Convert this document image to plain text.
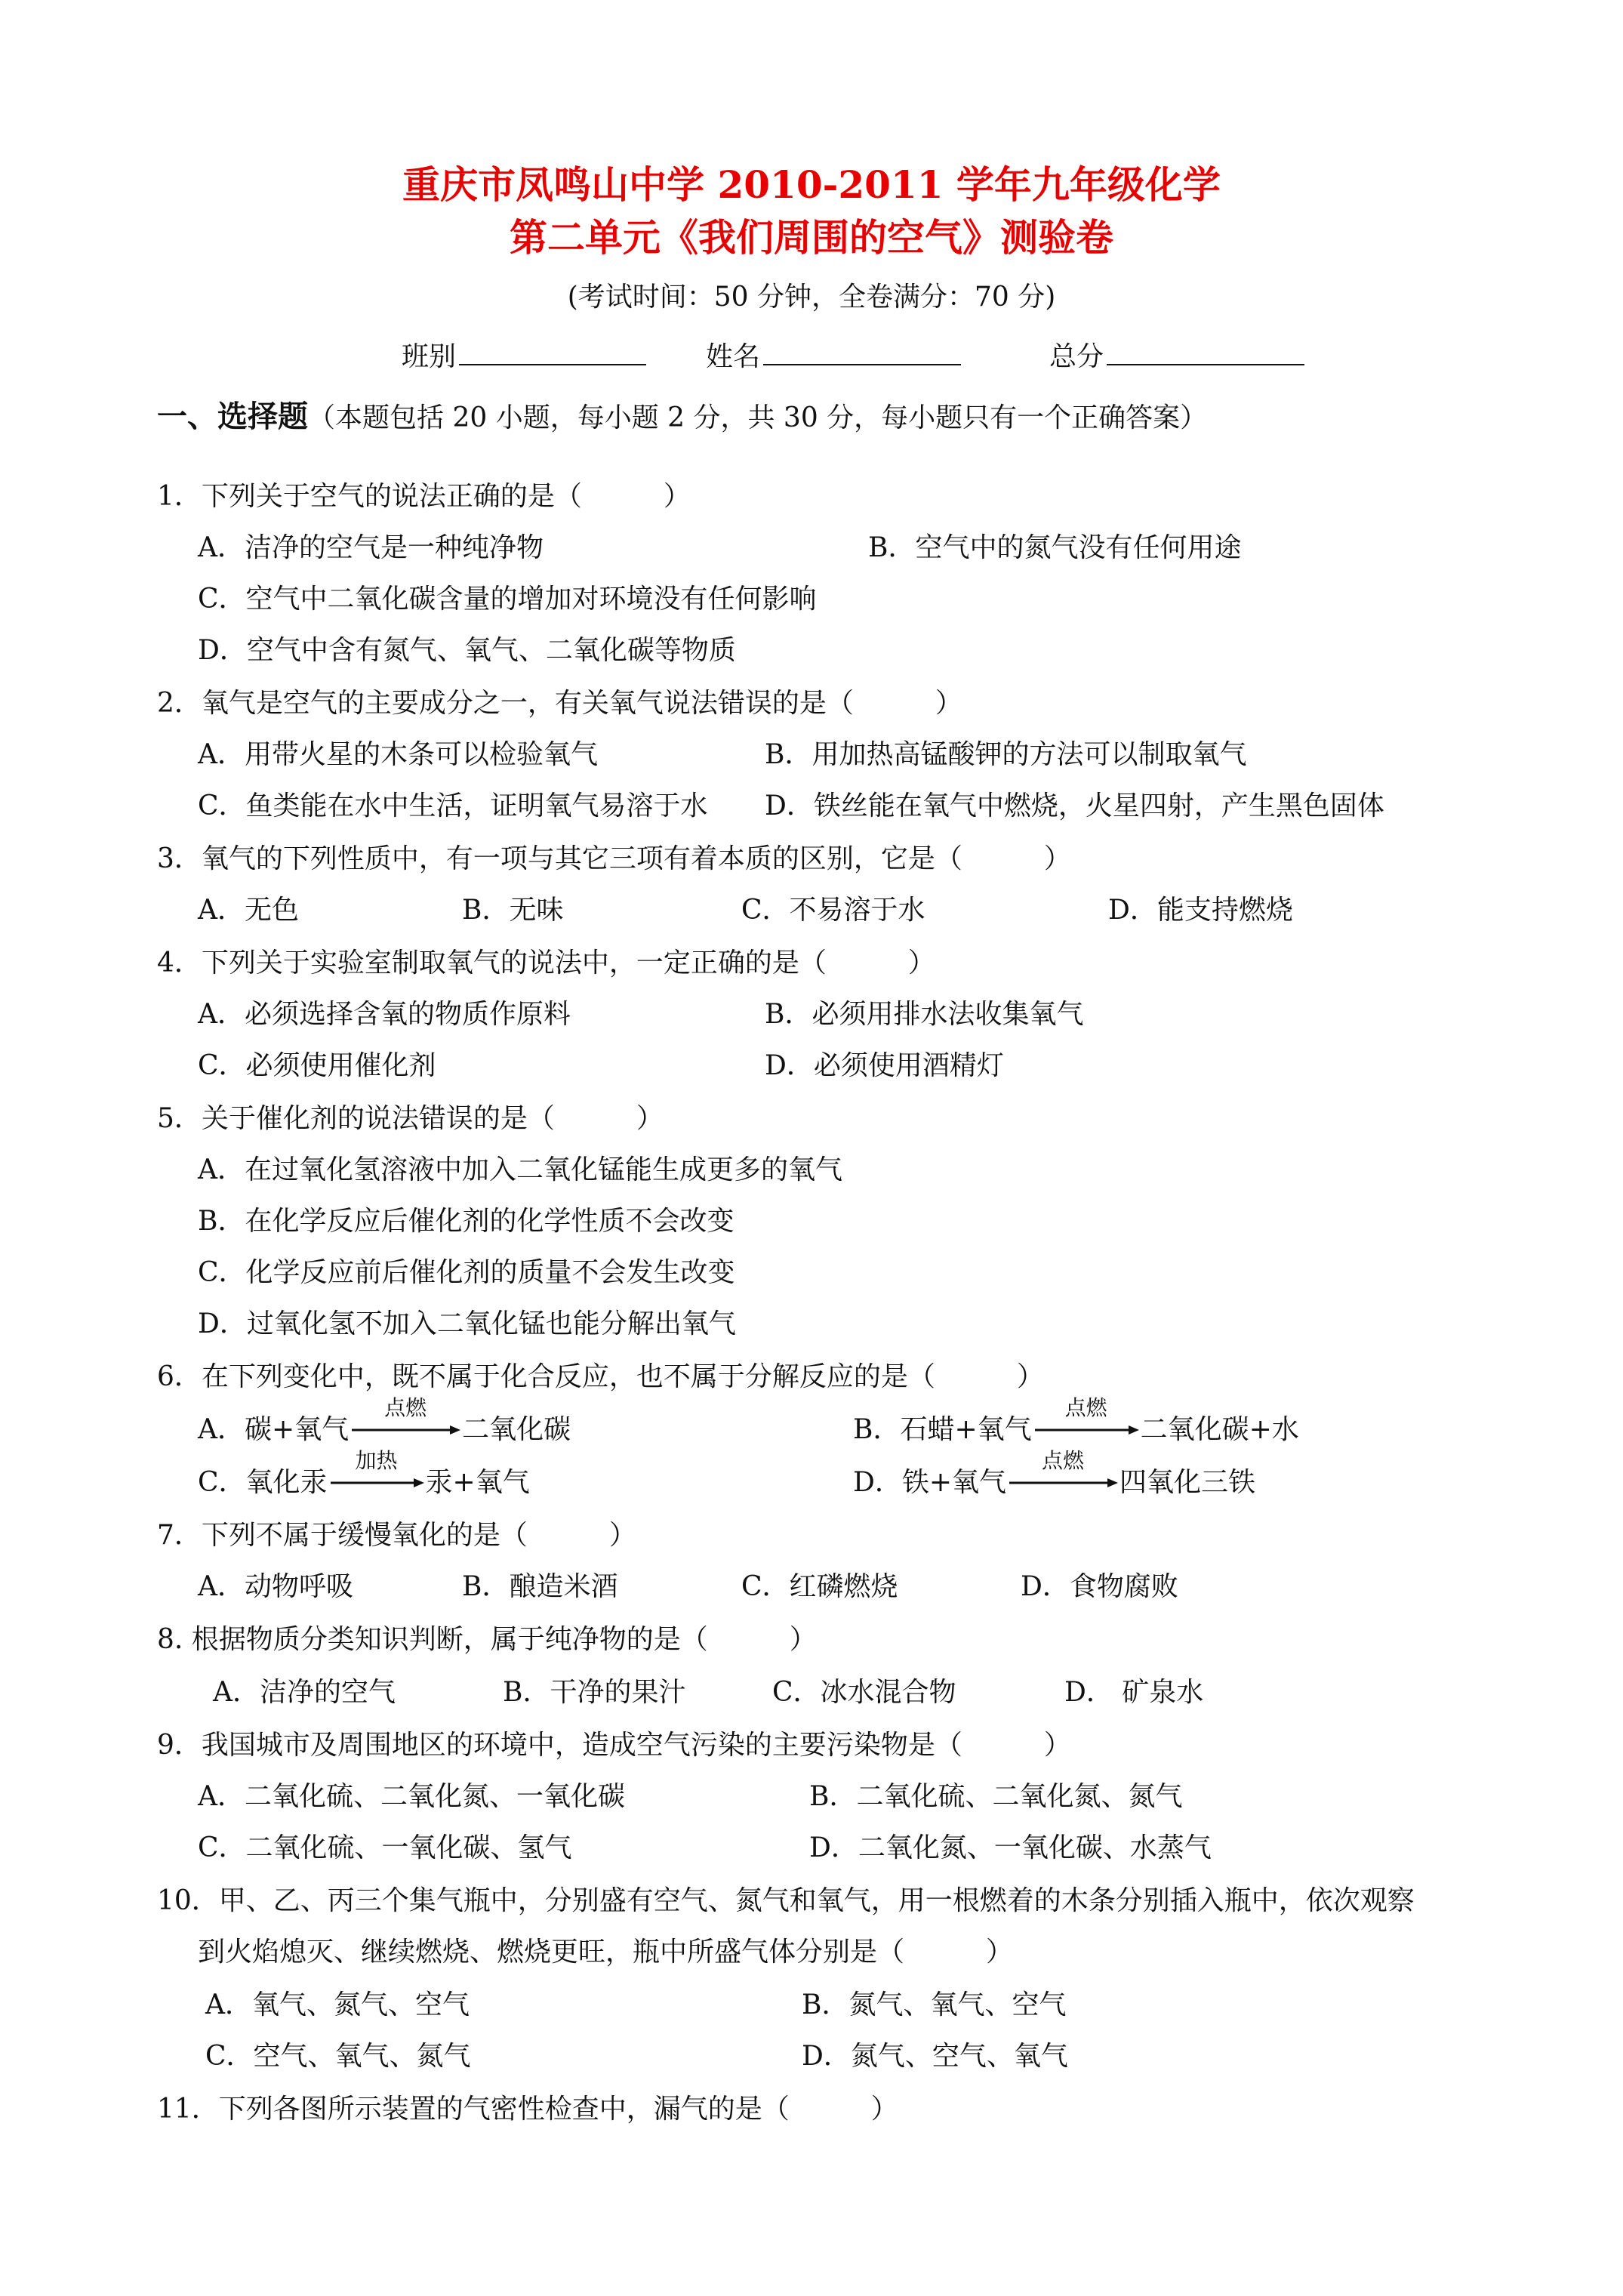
重庆市凤鸣山中学 2010-2011 学年九年级化学
第二单元《我们周围的空气》测验卷
(考试时间：50 分钟，全卷满分：70 分)
班别	姓名	总分
一、选择题（本题包括 20 小题，每小题 2 分，共 30 分，每小题只有一个正确答案）
1．下列关于空气的说法正确的是（　　　）
A．洁净的空气是一种纯净物	B．空气中的氮气没有任何用途
C．空气中二氧化碳含量的增加对环境没有任何影响
D．空气中含有氮气、氧气、二氧化碳等物质
2．氧气是空气的主要成分之一，有关氧气说法错误的是（　　　）
A．用带火星的木条可以检验氧气	B．用加热高锰酸钾的方法可以制取氧气
C．鱼类能在水中生活，证明氧气易溶于水 D．铁丝能在氧气中燃烧，火星四射，产生黑色固体
3．氧气的下列性质中，有一项与其它三项有着本质的区别，它是（　　　）
A．无色	B．无味	C．不易溶于水	D．能支持燃烧
4．下列关于实验室制取氧气的说法中，一定正确的是（　　　）
A．必须选择含氧的物质作原料	B．必须用排水法收集氧气
C．必须使用催化剂	D．必须使用酒精灯
5．关于催化剂的说法错误的是（　　　）
A．在过氧化氢溶液中加入二氧化锰能生成更多的氧气
B．在化学反应后催化剂的化学性质不会改变
C．化学反应前后催化剂的质量不会发生改变
D．过氧化氢不加入二氧化锰也能分解出氧气
6．在下列变化中，既不属于化合反应，也不属于分解反应的是（　　　）
A．碳+氧气
点燃
二氧化碳	B．石蜡+氧气
点燃
二氧化碳+水
C．氧化汞
加热
汞+氧气	D．铁+氧气
点燃
四氧化三铁
7．下列不属于缓慢氧化的是（　　　）
A．动物呼吸	B．酿造米酒	C．红磷燃烧	D．食物腐败
8. 根据物质分类知识判断，属于纯净物的是（　　　）
A．洁净的空气	B．干净的果汁	C．冰水混合物	D． 矿泉水
9．我国城市及周围地区的环境中，造成空气污染的主要污染物是（　　　）
A．二氧化硫、二氧化氮、一氧化碳	B．二氧化硫、二氧化氮、氮气
C．二氧化硫、一氧化碳、氢气	D．二氧化氮、一氧化碳、水蒸气
10．甲、乙、丙三个集气瓶中，分别盛有空气、氮气和氧气，用一根燃着的木条分别插入瓶中，依次观察
到火焰熄灭、继续燃烧、燃烧更旺，瓶中所盛气体分别是（　　　）
A．氧气、氮气、空气	B．氮气、氧气、空气
C．空气、氧气、氮气	D．氮气、空气、氧气
11．下列各图所示装置的气密性检查中，漏气的是（　　　）
